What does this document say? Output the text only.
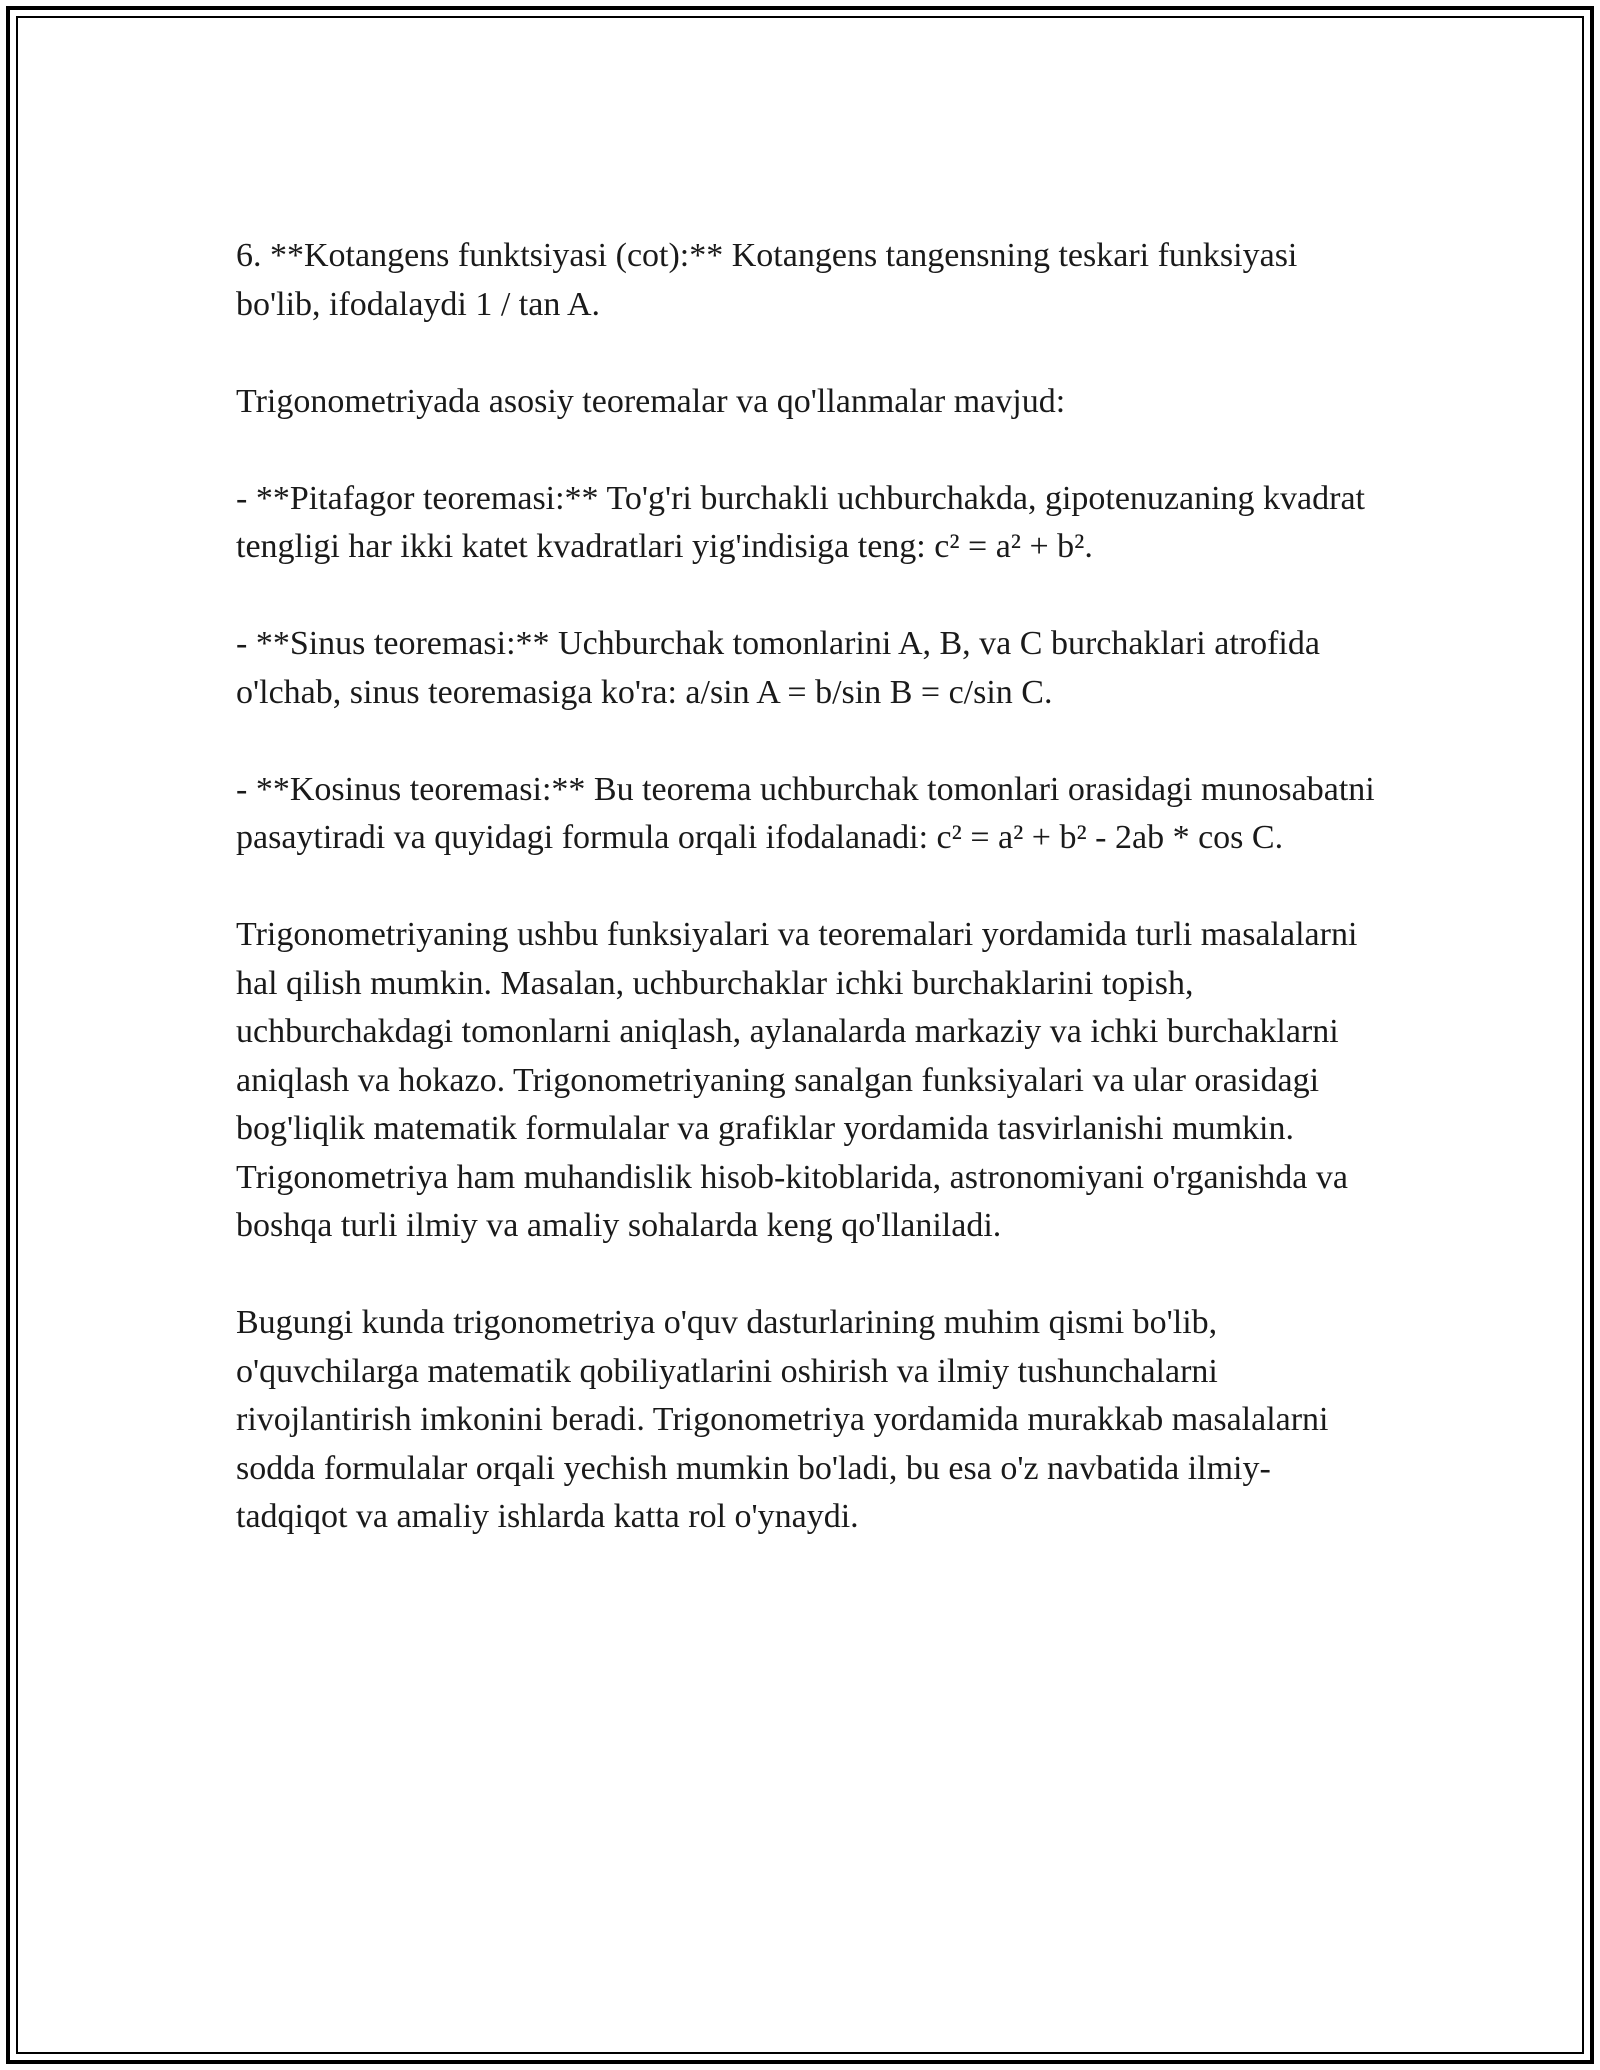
6. **Kotangens funktsiyasi (cot):** Kotangens tangensning teskari funksiyasi bo'lib, ifodalaydi 1 / tan A.

Trigonometriyada asosiy teoremalar va qo'llanmalar mavjud:

- **Pitafagor teoremasi:** To'g'ri burchakli uchburchakda, gipotenuzaning kvadrat tengligi har ikki katet kvadratlari yig'indisiga teng: c² = a² + b².

- **Sinus teoremasi:** Uchburchak tomonlarini A, B, va C burchaklari atrofida o'lchab, sinus teoremasiga ko'ra: a/sin A = b/sin B = c/sin C.

- **Kosinus teoremasi:** Bu teorema uchburchak tomonlari orasidagi munosabatni pasaytiradi va quyidagi formula orqali ifodalanadi: c² = a² + b² - 2ab * cos C.

Trigonometriyaning ushbu funksiyalari va teoremalari yordamida turli masalalarni hal qilish mumkin. Masalan, uchburchaklar ichki burchaklarini topish, uchburchakdagi tomonlarni aniqlash, aylanalarda markaziy va ichki burchaklarni aniqlash va hokazo. Trigonometriyaning sanalgan funksiyalari va ular orasidagi bog'liqlik matematik formulalar va grafiklar yordamida tasvirlanishi mumkin. Trigonometriya ham muhandislik hisob-kitoblarida, astronomiyani o'rganishda va boshqa turli ilmiy va amaliy sohalarda keng qo'llaniladi.

Bugungi kunda trigonometriya o'quv dasturlarining muhim qismi bo'lib, o'quvchilarga matematik qobiliyatlarini oshirish va ilmiy tushunchalarni rivojlantirish imkonini beradi. Trigonometriya yordamida murakkab masalalarni sodda formulalar orqali yechish mumkin bo'ladi, bu esa o'z navbatida ilmiy-tadqiqot va amaliy ishlarda katta rol o'ynaydi.
